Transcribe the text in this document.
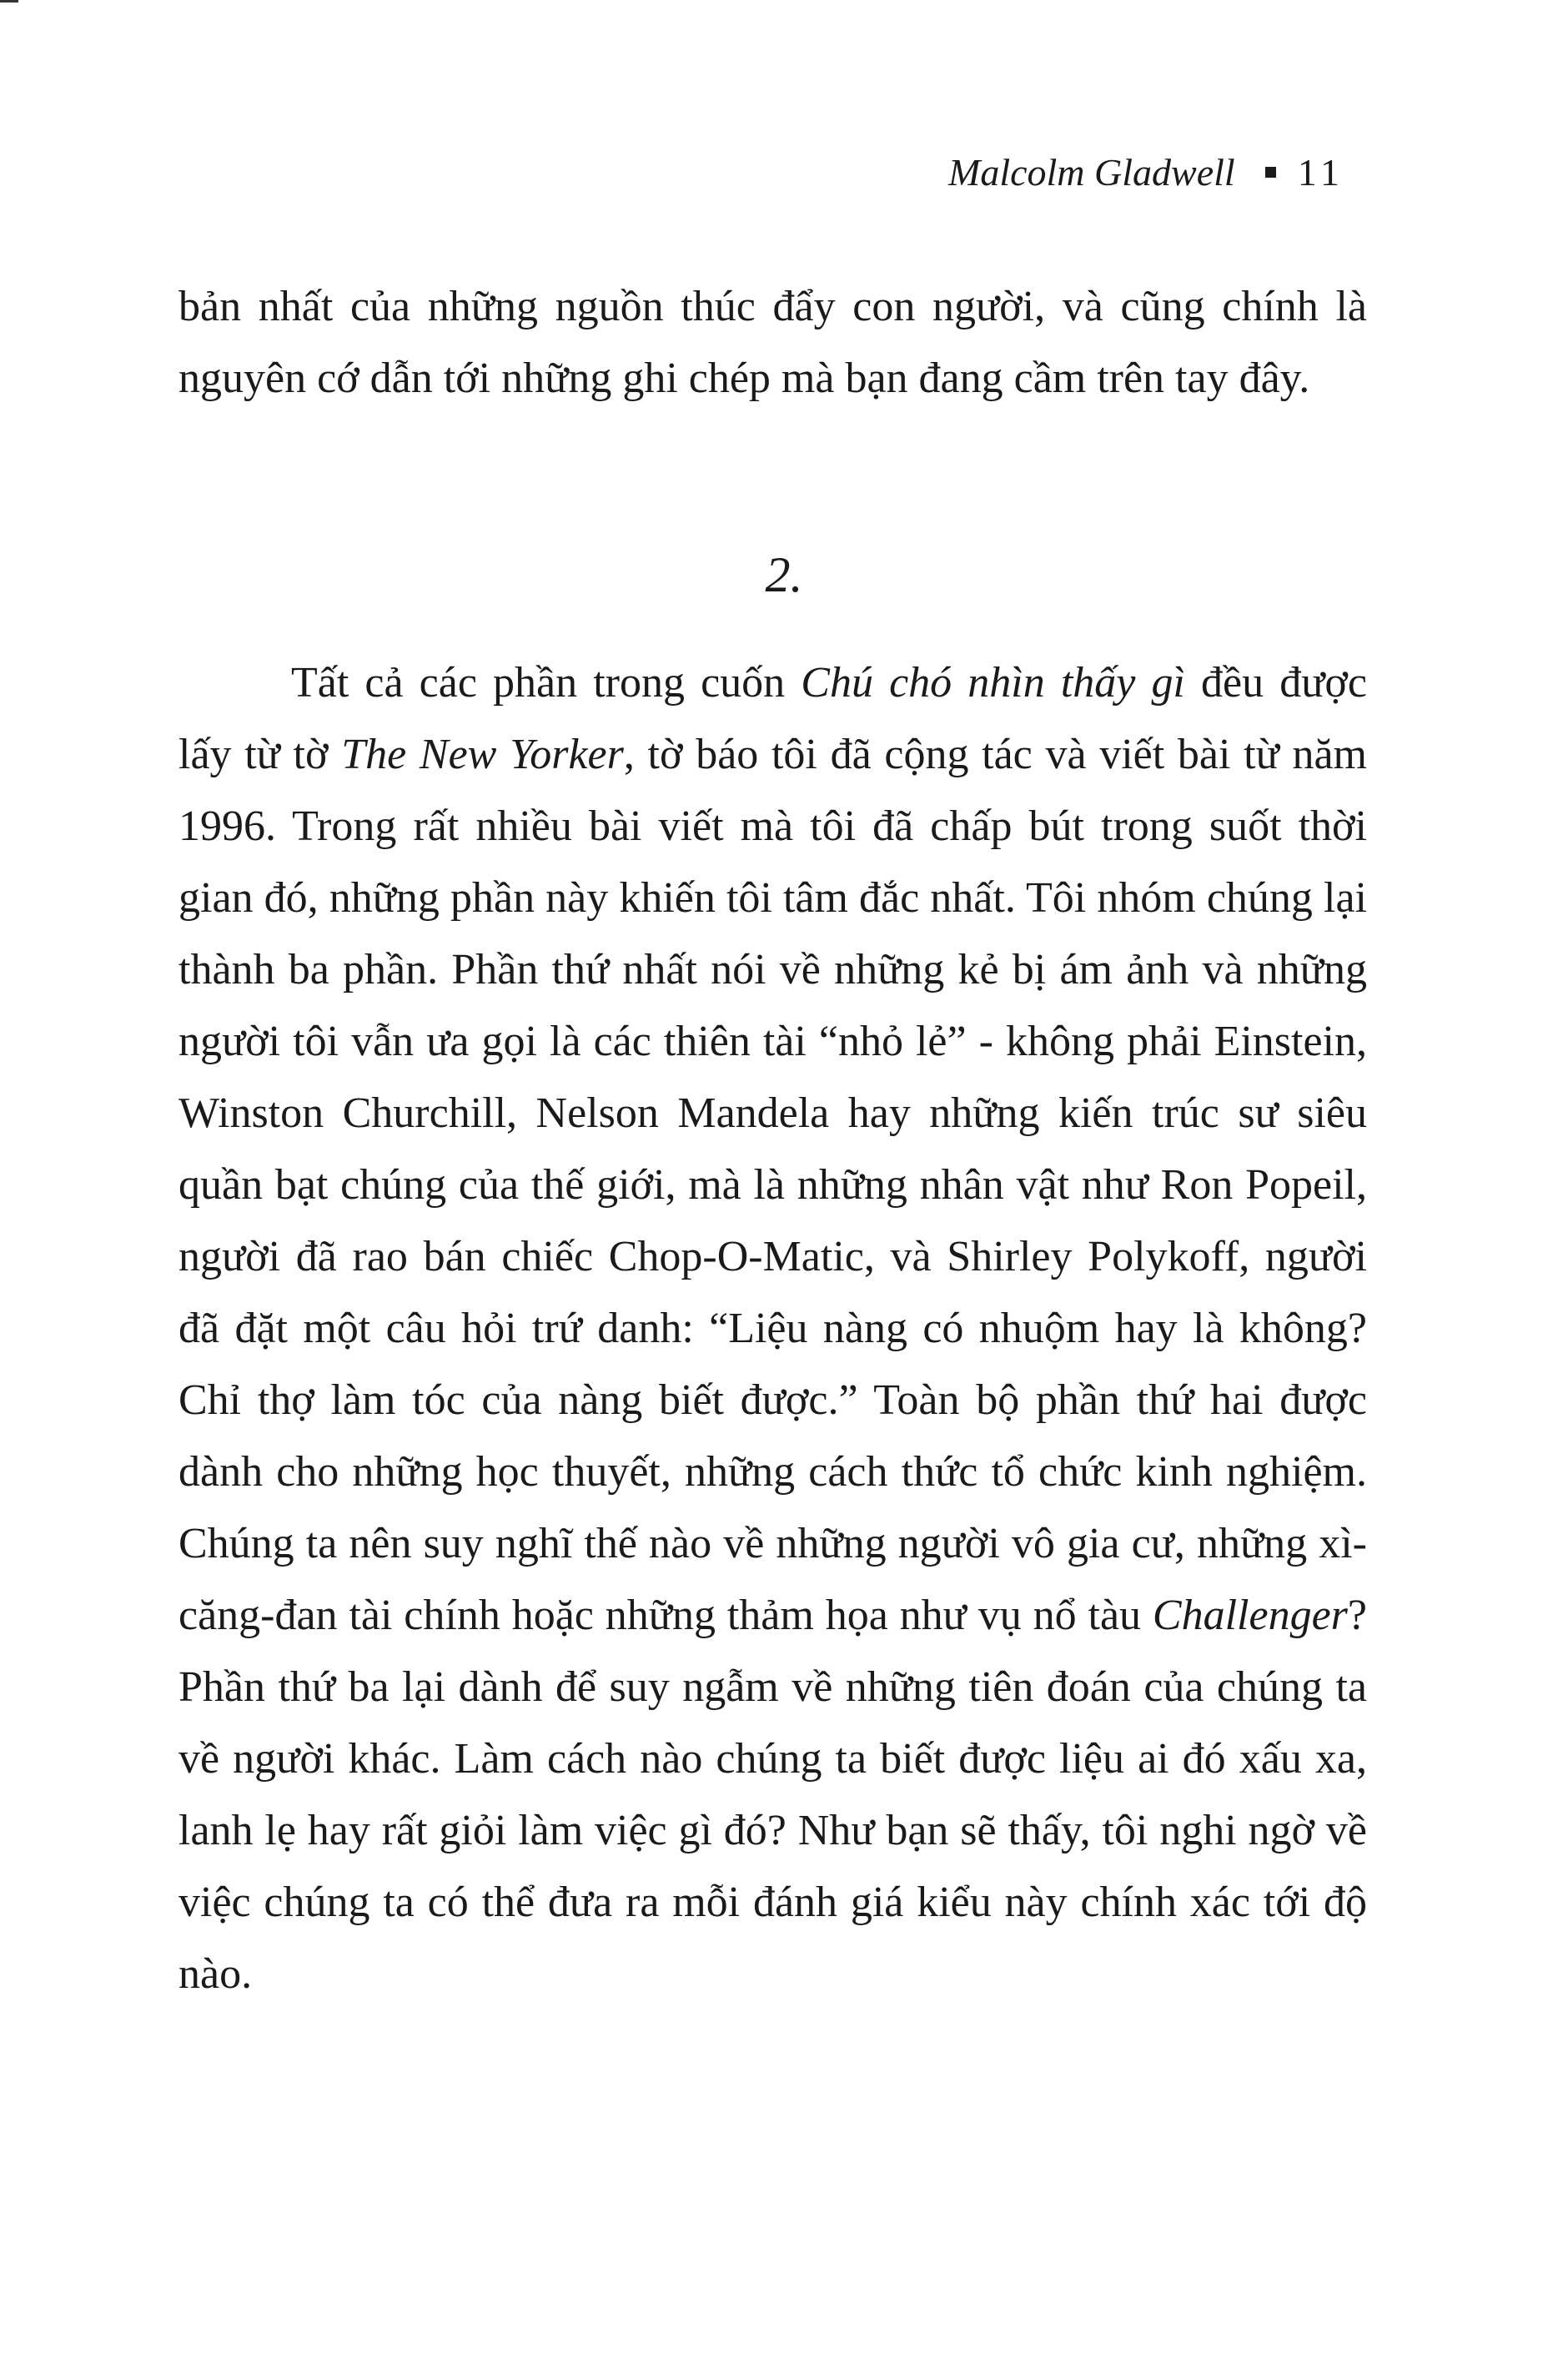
Malcolm Gladwell 11

bản nhất của những nguồn thúc đẩy con người, và cũng chính là nguyên cớ dẫn tới những ghi chép mà bạn đang cầm trên tay đây.

2.

Tất cả các phần trong cuốn Chú chó nhìn thấy gì đều được lấy từ tờ The New Yorker, tờ báo tôi đã cộng tác và viết bài từ năm 1996. Trong rất nhiều bài viết mà tôi đã chấp bút trong suốt thời gian đó, những phần này khiến tôi tâm đắc nhất. Tôi nhóm chúng lại thành ba phần. Phần thứ nhất nói về những kẻ bị ám ảnh và những người tôi vẫn ưa gọi là các thiên tài “nhỏ lẻ” - không phải Einstein, Winston Churchill, Nelson Mandela hay những kiến trúc sư siêu quần bạt chúng của thế giới, mà là những nhân vật như Ron Popeil, người đã rao bán chiếc Chop-O-Matic, và Shirley Polykoff, người đã đặt một câu hỏi trứ danh: “Liệu nàng có nhuộm hay là không? Chỉ thợ làm tóc của nàng biết được.” Toàn bộ phần thứ hai được dành cho những học thuyết, những cách thức tổ chức kinh nghiệm. Chúng ta nên suy nghĩ thế nào về những người vô gia cư, những xì-căng-đan tài chính hoặc những thảm họa như vụ nổ tàu Challenger? Phần thứ ba lại dành để suy ngẫm về những tiên đoán của chúng ta về người khác. Làm cách nào chúng ta biết được liệu ai đó xấu xa, lanh lẹ hay rất giỏi làm việc gì đó? Như bạn sẽ thấy, tôi nghi ngờ về việc chúng ta có thể đưa ra mỗi đánh giá kiểu này chính xác tới độ nào.
